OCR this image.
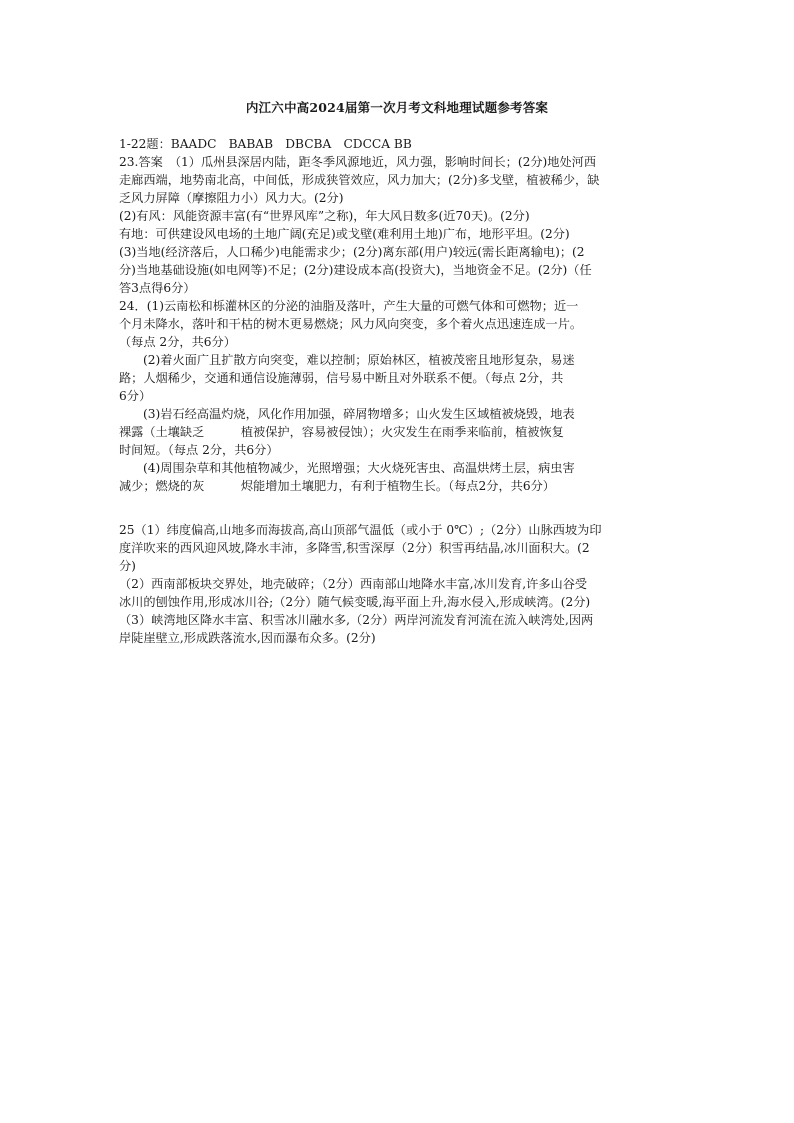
内江六中高2024届第一次月考文科地理试题参考答案
1-22题：BAADC　BABAB　DBCBA　CDCCA BB
23.答案　（1）瓜州县深居内陆，距冬季风源地近，风力强，影响时间长；(2分)地处河西
走廊西端，地势南北高，中间低，形成狭管效应，风力加大；(2分)多戈壁，植被稀少，缺
乏风力屏障（摩擦阻力小）风力大。(2分)
(2)有风：风能资源丰富(有“世界风库”之称)，年大风日数多(近70天)。(2分)
有地：可供建设风电场的土地广阔(充足)或戈壁(难利用土地)广布，地形平坦。(2分)
(3)当地(经济落后，人口稀少)电能需求少；(2分)离东部(用户)较远(需长距离输电)；(2
分)当地基础设施(如电网等)不足；(2分)建设成本高(投资大)，当地资金不足。(2分)（任
答3点得6分）
24．(1)云南松和栎灌林区的分泌的油脂及落叶，产生大量的可燃气体和可燃物；近一
个月未降水，落叶和干枯的树木更易燃烧；风力风向突变，多个着火点迅速连成一片。
（每点 2分，共6分）
(2)着火面广且扩散方向突变，难以控制；原始林区，植被茂密且地形复杂，易迷
路；人烟稀少，交通和通信设施薄弱，信号易中断且对外联系不便。（每点 2分，共
6分）
(3)岩石经高温灼烧，风化作用加强，碎屑物增多；山火发生区域植被烧毁，地表
裸露（土壤缺乏　　　植被保护，容易被侵蚀）；火灾发生在雨季来临前，植被恢复
时间短。（每点 2分，共6分）
(4)周围杂草和其他植物减少，光照增强；大火烧死害虫、高温烘烤土层，病虫害
减少；燃烧的灰　　　烬能增加土壤肥力，有利于植物生长。（每点2分，共6分）
25（1）纬度偏高,山地多而海拔高,高山顶部气温低（或小于 0℃）;（2分）山脉西坡为印
度洋吹来的西风迎风坡,降水丰沛，多降雪,积雪深厚（2分）积雪再结晶,冰川面积大。(2
分)
（2）西南部板块交界处，地壳破碎；（2分）西南部山地降水丰富,冰川发育,许多山谷受
冰川的刨蚀作用,形成冰川谷;（2分）随气候变暖,海平面上升,海水侵入,形成峡湾。(2分)
（3）峡湾地区降水丰富、积雪冰川融水多,（2分）两岸河流发育河流在流入峡湾处,因两
岸陡崖壁立,形成跌落流水,因而瀑布众多。(2分)
